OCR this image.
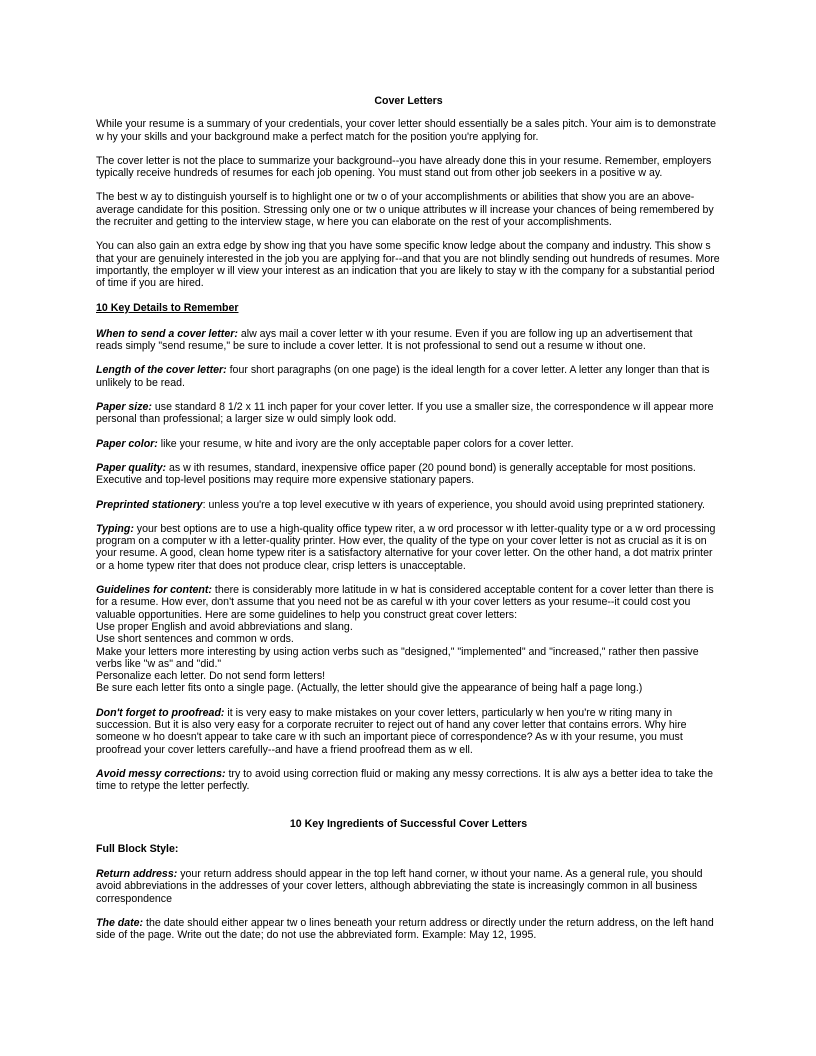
Cover Letters

While your resume is a summary of your credentials, your cover letter should essentially be a sales pitch. Your aim is to demonstrate w hy your skills and your background make a perfect match for the position you're applying for.

The cover letter is not the place to summarize your background--you have already done this in your resume. Remember, employers typically receive hundreds of resumes for each job opening. You must stand out from other job seekers in a positive w ay.

The best w ay to distinguish yourself is to highlight one or tw o of your accomplishments or abilities that show you are an above-average candidate for this position. Stressing only one or tw o unique attributes w ill increase your chances of being remembered by the recruiter and getting to the interview stage, w here you can elaborate on the rest of your accomplishments.

You can also gain an extra edge by show ing that you have some specific know ledge about the company and industry. This show s that your are genuinely interested in the job you are applying for--and that you are not blindly sending out hundreds of resumes. More importantly, the employer w ill view your interest as an indication that you are likely to stay w ith the company for a substantial period of time if you are hired.

10 Key Details to Remember

When to send a cover letter: alw ays mail a cover letter w ith your resume. Even if you are follow ing up an advertisement that reads simply "send resume," be sure to include a cover letter. It is not professional to send out a resume w ithout one.

Length of the cover letter: four short paragraphs (on one page) is the ideal length for a cover letter. A letter any longer than that is unlikely to be read.

Paper size: use standard 8 1/2 x 11 inch paper for your cover letter. If you use a smaller size, the correspondence w ill appear more personal than professional; a larger size w ould simply look odd.

Paper color: like your resume, w hite and ivory are the only acceptable paper colors for a cover letter.

Paper quality: as w ith resumes, standard, inexpensive office paper (20 pound bond) is generally acceptable for most positions. Executive and top-level positions may require more expensive stationary papers.

Preprinted stationery: unless you're a top level executive w ith years of experience, you should avoid using preprinted stationery.

Typing: your best options are to use a high-quality office typew riter, a w ord processor w ith letter-quality type or a w ord processing program on a computer w ith a letter-quality printer. How ever, the quality of the type on your cover letter is not as crucial as it is on your resume. A good, clean home typew riter is a satisfactory alternative for your cover letter. On the other hand, a dot matrix printer or a home typew riter that does not produce clear, crisp letters is unacceptable.

Guidelines for content: there is considerably more latitude in w hat is considered acceptable content for a cover letter than there is for a resume. How ever, don't assume that you need not be as careful w ith your cover letters as your resume--it could cost you valuable opportunities. Here are some guidelines to help you construct great cover letters:
Use proper English and avoid abbreviations and slang.
Use short sentences and common w ords.
Make your letters more interesting by using action verbs such as "designed," "implemented" and "increased," rather then passive verbs like "w as" and "did."
Personalize each letter. Do not send form letters!
Be sure each letter fits onto a single page. (Actually, the letter should give the appearance of being half a page long.)

Don't forget to proofread: it is very easy to make mistakes on your cover letters, particularly w hen you're w riting many in succession. But it is also very easy for a corporate recruiter to reject out of hand any cover letter that contains errors. Why hire someone w ho doesn't appear to take care w ith such an important piece of correspondence? As w ith your resume, you must proofread your cover letters carefully--and have a friend proofread them as w ell.

Avoid messy corrections: try to avoid using correction fluid or making any messy corrections. It is alw ays a better idea to take the time to retype the letter perfectly.

10 Key Ingredients of Successful Cover Letters
Full Block Style:

Return address: your return address should appear in the top left hand corner, w ithout your name. As a general rule, you should avoid abbreviations in the addresses of your cover letters, although abbreviating the state is increasingly common in all business correspondence

The date: the date should either appear tw o lines beneath your return address or directly under the return address, on the left hand side of the page. Write out the date; do not use the abbreviated form. Example: May 12, 1995.
